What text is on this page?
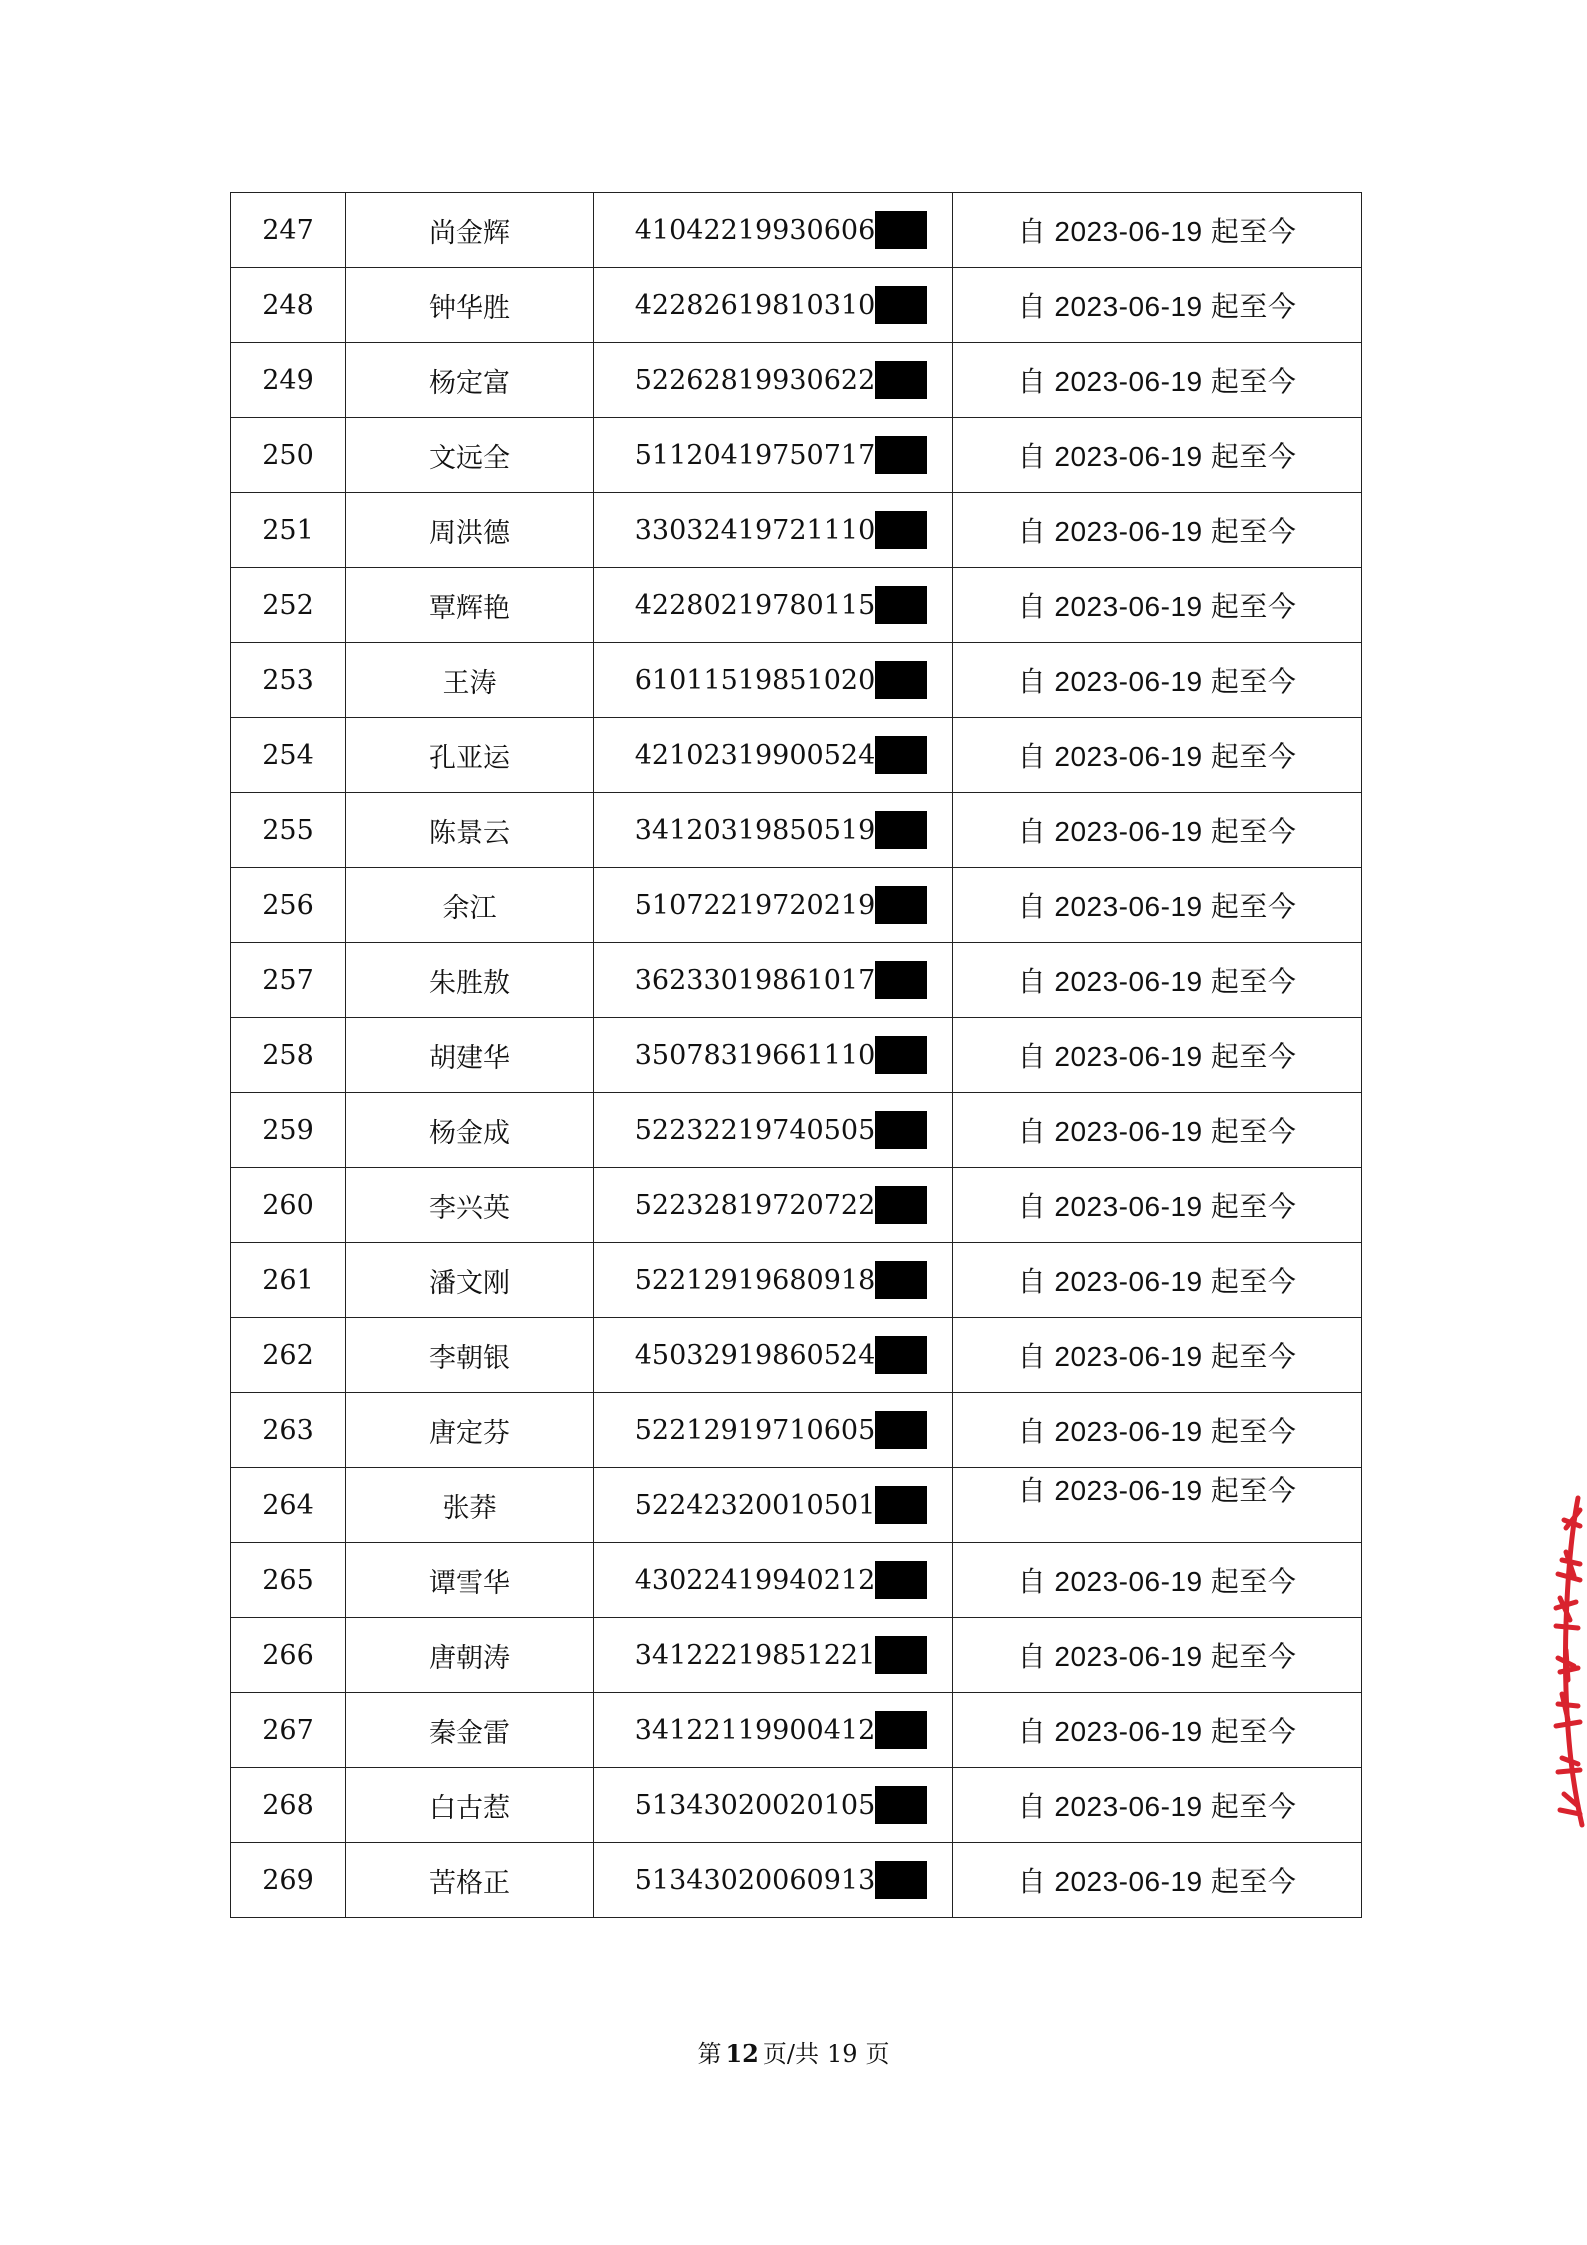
247	尚金辉	41042219930606	自 2023-06-19 起至今
248	钟华胜	42282619810310	自 2023-06-19 起至今
249	杨定富	52262819930622	自 2023-06-19 起至今
250	文远全	51120419750717	自 2023-06-19 起至今
251	周洪德	33032419721110	自 2023-06-19 起至今
252	覃辉艳	42280219780115	自 2023-06-19 起至今
253	王涛	61011519851020	自 2023-06-19 起至今
254	孔亚运	42102319900524	自 2023-06-19 起至今
255	陈景云	34120319850519	自 2023-06-19 起至今
256	余江	51072219720219	自 2023-06-19 起至今
257	朱胜敖	36233019861017	自 2023-06-19 起至今
258	胡建华	35078319661110	自 2023-06-19 起至今
259	杨金成	52232219740505	自 2023-06-19 起至今
260	李兴英	52232819720722	自 2023-06-19 起至今
261	潘文刚	52212919680918	自 2023-06-19 起至今
262	李朝银	45032919860524	自 2023-06-19 起至今
263	唐定芬	52212919710605	自 2023-06-19 起至今
264	张莽	52242320010501	自 2023-06-19 起至今
265	谭雪华	43022419940212	自 2023-06-19 起至今
266	唐朝涛	34122219851221	自 2023-06-19 起至今
267	秦金雷	34122119900412	自 2023-06-19 起至今
268	白古惹	51343020020105	自 2023-06-19 起至今
269	苦格正	51343020060913	自 2023-06-19 起至今
第 12 页/共 19 页
